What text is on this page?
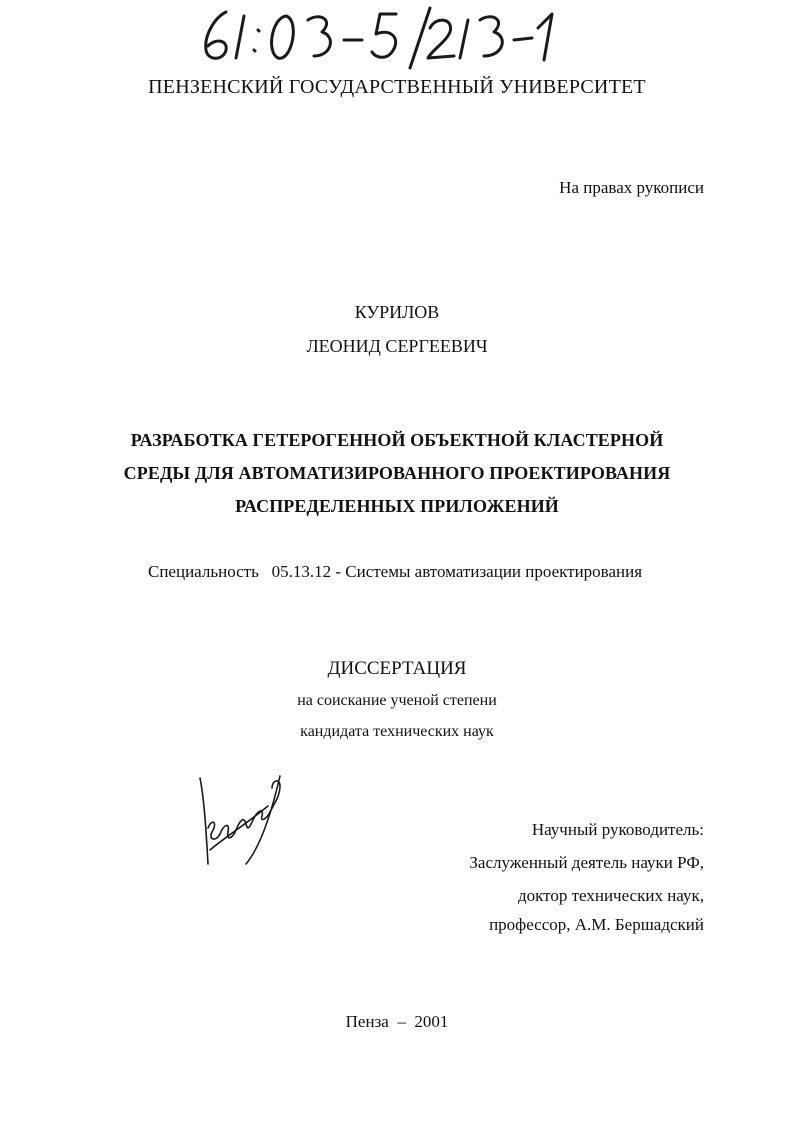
ПЕНЗЕНСКИЙ ГОСУДАРСТВЕННЫЙ УНИВЕРСИТЕТ
На правах рукописи
КУРИЛОВ
ЛЕОНИД СЕРГЕЕВИЧ
РАЗРАБОТКА ГЕТЕРОГЕННОЙ ОБЪЕКТНОЙ КЛАСТЕРНОЙ
СРЕДЫ ДЛЯ АВТОМАТИЗИРОВАННОГО ПРОЕКТИРОВАНИЯ
РАСПРЕДЕЛЕННЫХ ПРИЛОЖЕНИЙ
Специальность   05.13.12 - Системы автоматизации проектирования
ДИССЕРТАЦИЯ
на соискание ученой степени
кандидата технических наук
Научный руководитель:
Заслуженный деятель науки РФ,
доктор технических наук,
профессор, А.М. Бершадский
Пенза  –  2001
